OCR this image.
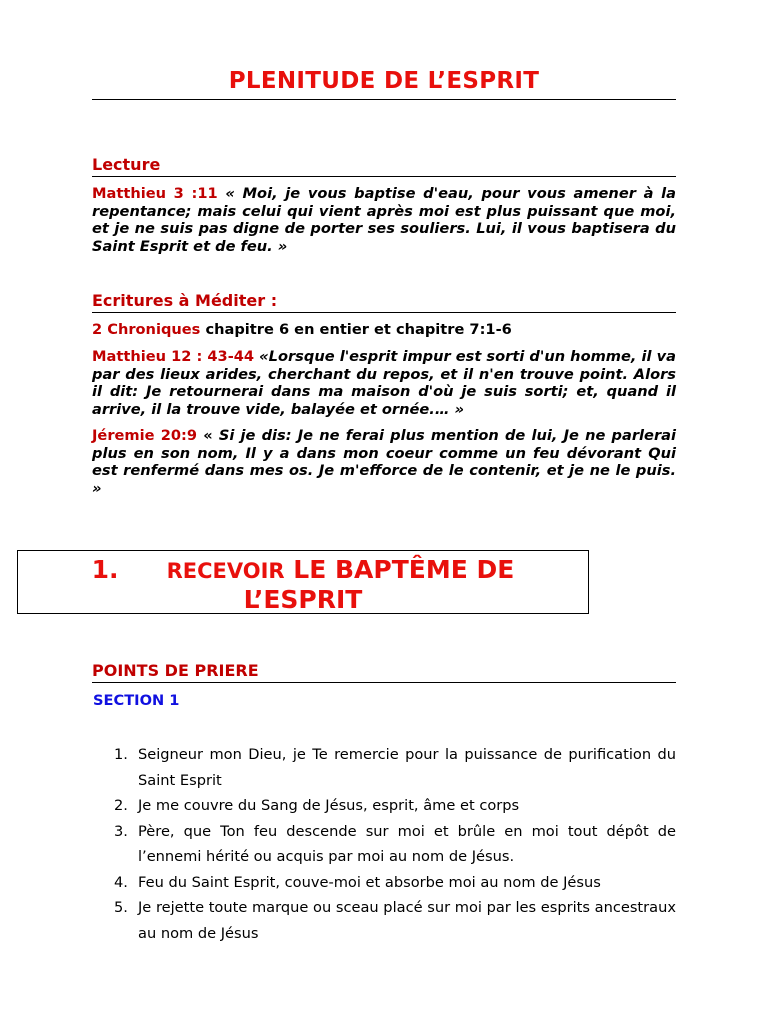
PLENITUDE DE L’ESPRIT
Lecture
Matthieu 3 :11 « Moi, je vous baptise d'eau, pour vous amener à la repentance; mais celui qui vient après moi est plus puissant que moi, et je ne suis pas digne de porter ses souliers. Lui, il vous baptisera du Saint Esprit et de feu. »
Ecritures à Méditer :
2 Chroniques chapitre 6 en entier et chapitre 7:1-6
Matthieu 12 : 43-44 «Lorsque l'esprit impur est sorti d'un homme, il va par des lieux arides, cherchant du repos, et il n'en trouve point. Alors il dit: Je retournerai dans ma maison d'où je suis sorti; et, quand il arrive, il la trouve vide, balayée et ornée.… »
Jéremie 20:9 « Si je dis: Je ne ferai plus mention de lui, Je ne parlerai plus en son nom, Il y a dans mon coeur comme un feu dévorant Qui est renfermé dans mes os. Je m'efforce de le contenir, et je ne le puis. »
1. RECEVOIR LE BAPTÊME DE
L’ESPRIT
POINTS DE PRIERE
SECTION 1
1. Seigneur mon Dieu, je Te remercie pour la puissance de purification du Saint Esprit
2. Je me couvre du Sang de Jésus, esprit, âme et corps
3. Père, que Ton feu descende sur moi et brûle en moi tout dépôt de l’ennemi hérité ou acquis par moi au nom de Jésus.
4. Feu du Saint Esprit, couve-moi et absorbe moi au nom de Jésus
5. Je rejette toute marque ou sceau placé sur moi par les esprits ancestraux au nom de Jésus
